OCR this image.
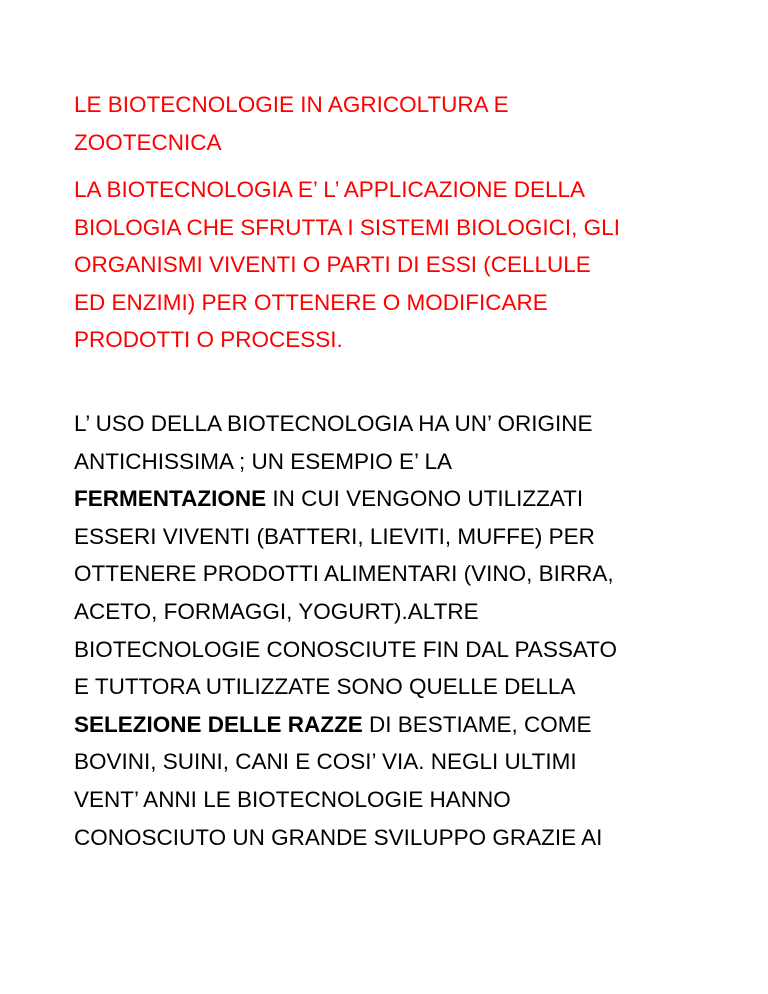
LE BIOTECNOLOGIE IN AGRICOLTURA E
ZOOTECNICA
LA BIOTECNOLOGIA E’ L’ APPLICAZIONE DELLA
BIOLOGIA CHE SFRUTTA I SISTEMI BIOLOGICI, GLI
ORGANISMI VIVENTI O PARTI DI ESSI (CELLULE
ED ENZIMI) PER OTTENERE O MODIFICARE
PRODOTTI O PROCESSI.
L’ USO DELLA BIOTECNOLOGIA HA UN’ ORIGINE
ANTICHISSIMA ; UN ESEMPIO E’ LA
FERMENTAZIONE IN CUI VENGONO UTILIZZATI
ESSERI VIVENTI (BATTERI, LIEVITI, MUFFE) PER
OTTENERE PRODOTTI ALIMENTARI (VINO, BIRRA,
ACETO, FORMAGGI, YOGURT).ALTRE
BIOTECNOLOGIE CONOSCIUTE FIN DAL PASSATO
E TUTTORA UTILIZZATE SONO QUELLE DELLA
SELEZIONE DELLE RAZZE DI BESTIAME, COME
BOVINI, SUINI, CANI E COSI’ VIA. NEGLI ULTIMI
VENT’ ANNI LE BIOTECNOLOGIE HANNO
CONOSCIUTO UN GRANDE SVILUPPO GRAZIE AI
